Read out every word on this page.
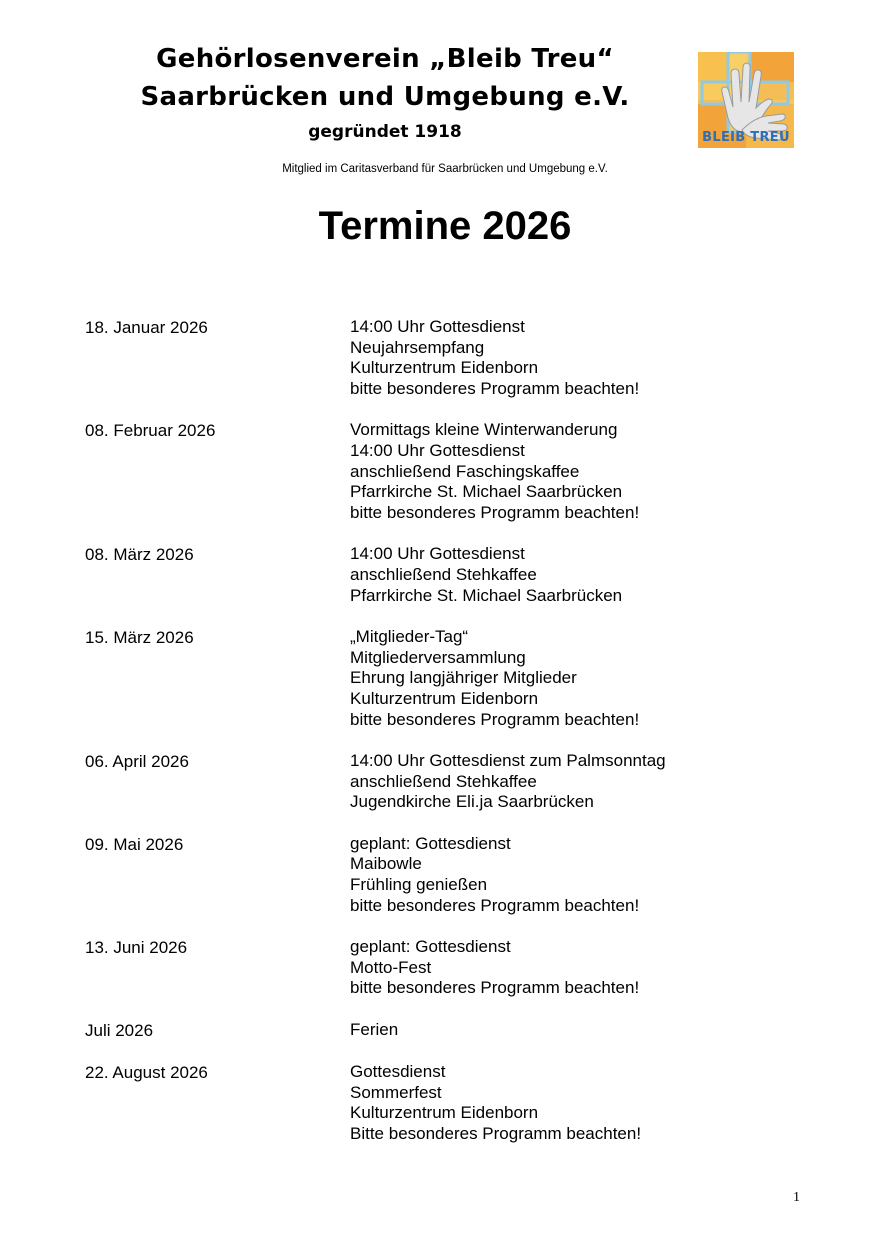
Gehörlosenverein „Bleib Treu“
Saarbrücken und Umgebung e.V.
gegründet 1918	BLEIB TREU
Mitglied im Caritasverband für Saarbrücken und Umgebung e.V.
Termine 2026
18. Januar 2026	14:00 Uhr Gottesdienst
Neujahrsempfang
Kulturzentrum Eidenborn
bitte besonderes Programm beachten!
08. Februar 2026	Vormittags kleine Winterwanderung
14:00 Uhr Gottesdienst
anschließend Faschingskaffee
Pfarrkirche St. Michael Saarbrücken
bitte besonderes Programm beachten!
08. März 2026	14:00 Uhr Gottesdienst
anschließend Stehkaffee
Pfarrkirche St. Michael Saarbrücken
15. März 2026	„Mitglieder-Tag“
Mitgliederversammlung
Ehrung langjähriger Mitglieder
Kulturzentrum Eidenborn
bitte besonderes Programm beachten!
06. April 2026	14:00 Uhr Gottesdienst zum Palmsonntag
anschließend Stehkaffee
Jugendkirche Eli.ja Saarbrücken
09. Mai 2026	geplant: Gottesdienst
Maibowle
Frühling genießen
bitte besonderes Programm beachten!
13. Juni 2026	geplant: Gottesdienst
Motto-Fest
bitte besonderes Programm beachten!
Juli 2026	Ferien
22. August 2026	Gottesdienst
Sommerfest
Kulturzentrum Eidenborn
Bitte besonderes Programm beachten!
1
